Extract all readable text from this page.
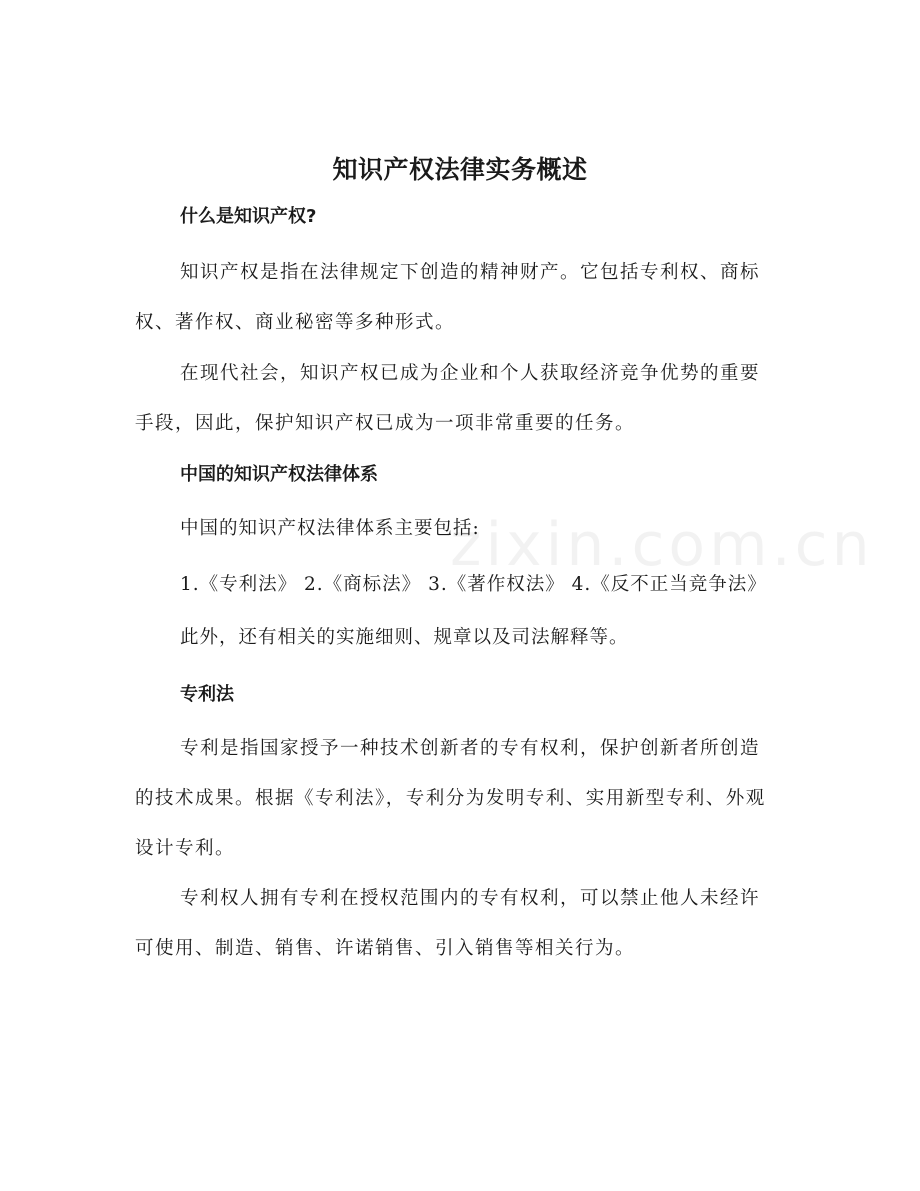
知识产权法律实务概述
什么是知识产权?

知识产权是指在法律规定下创造的精神财产。它包括专利权、商标权、著作权、商业秘密等多种形式。

在现代社会，知识产权已成为企业和个人获取经济竞争优势的重要手段，因此，保护知识产权已成为一项非常重要的任务。

中国的知识产权法律体系

中国的知识产权法律体系主要包括:

1.《专利法》 2.《商标法》 3.《著作权法》 4.《反不正当竞争法》

此外，还有相关的实施细则、规章以及司法解释等。

专利法

专利是指国家授予一种技术创新者的专有权利，保护创新者所创造的技术成果。根据《专利法》，专利分为发明专利、实用新型专利、外观设计专利。

专利权人拥有专利在授权范围内的专有权利，可以禁止他人未经许可使用、制造、销售、许诺销售、引入销售等相关行为。

zixin.com.cn
